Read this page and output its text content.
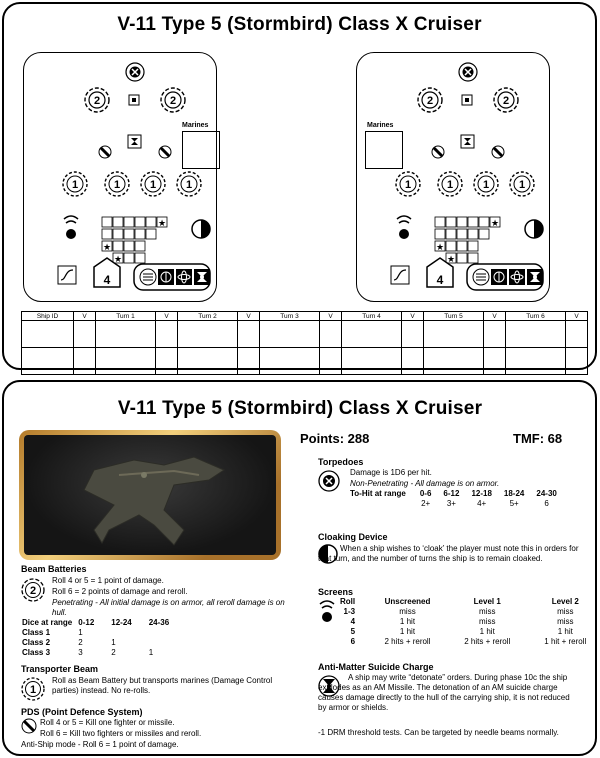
V-11 Type 5 (Stormbird) Class X Cruiser
2	2
1	1	1	1
★
★
★
Marines
4
2	2
1	1	1	1
★
★
★
Marines
4
Ship ID	V	Turn 1	V	Turn 2	V	Turn 3	V	Turn 4	V	Turn 5	V	Turn 6	V

V-11 Type 5 (Stormbird) Class X Cruiser
Points: 288	TMF: 68
Beam Batteries
2
Roll 4 or 5 = 1 point of damage.
Roll 6 = 2 points of damage and reroll.
Penetrating - All initial damage is on armor, all reroll damage is on hull.
Dice at range	0-12	12-24	24-36
Class 1	1		
Class 2	2	1	
Class 3	3	2	1
Transporter Beam
1
Roll as Beam Battery but transports marines (Damage Control parties) instead. No re-rolls.
PDS (Point Defence System)
Roll 4 or 5 = Kill one fighter or missile.
Roll 6 = Kill two fighters or missiles and reroll.
Anti-Ship mode - Roll 6 = 1 point of damage.
Torpedoes
Damage is 1D6 per hit.
Non-Penetrating - All damage is on armor.
To-Hit at range	0-6	6-12	12-18	18-24	24-30
	2+	3+	4+	5+	6
Cloaking Device
When a ship wishes to ‘cloak’ the player must note this in orders for that turn, and the number of turns the ship is to remain cloaked.
Screens
Roll	Unscreened	Level 1	Level 2
1-3	miss	miss	miss
4	1 hit	miss	miss
5	1 hit	1 hit	1 hit
6	2 hits + reroll	2 hits + reroll	1 hit + reroll
Anti-Matter Suicide Charge
A ship may write “detonate” orders. During phase 10c the ship explodes as an AM Missile. The detonation of an AM suicide charge causes damage directly to the hull of the carrying ship, it is not reduced by armor or shields.
-1 DRM threshold tests. Can be targeted by needle beams normally.
